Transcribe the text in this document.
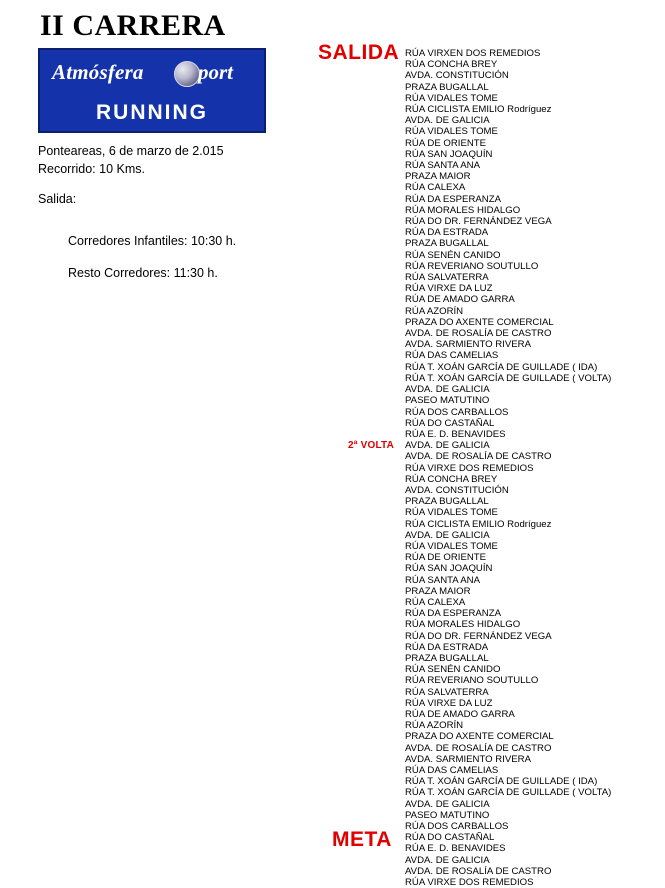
II CARRERA
Atmósfera	port
RUNNING

Ponteareas, 6 de marzo de 2.015

Recorrido: 10 Kms.

Salida:

Corredores Infantiles: 10:30 h.

Resto Corredores: 11:30 h.

SALIDA
2ª VOLTA
META
RÚA VIRXEN DOS REMEDIOS
RÚA CONCHA BREY
AVDA. CONSTITUCIÓN
PRAZA BUGALLAL
RÚA VIDALES TOME
RÚA CICLISTA EMILIO Rodríguez
AVDA. DE GALICIA
RÚA VIDALES TOME
RÚA DE ORIENTE
RÚA SAN JOAQUÍN
RÚA SANTA ANA
PRAZA MAIOR
RÚA CALEXA
RÚA DA ESPERANZA
RÚA MORALES HIDALGO
RÚA DO DR. FERNÁNDEZ VEGA
RÚA DA ESTRADA
PRAZA BUGALLAL
RÚA SENÉN CANIDO
RÚA REVERIANO SOUTULLO
RÚA SALVATERRA
RÚA VIRXE DA LUZ
RÚA DE AMADO GARRA
RÚA AZORÍN
PRAZA DO AXENTE COMERCIAL
AVDA. DE ROSALÍA DE CASTRO
AVDA. SARMIENTO RIVERA
RÚA DAS CAMELIAS
RÚA T. XOÁN GARCÍA DE GUILLADE ( IDA)
RÚA T. XOÁN GARCÍA DE GUILLADE ( VOLTA)
AVDA. DE GALICIA
PASEO MATUTINO
RÚA DOS CARBALLOS
RÚA DO CASTAÑAL
RÚA E. D. BENAVIDES
AVDA. DE GALICIA
AVDA. DE ROSALÍA DE CASTRO
RÚA VIRXE DOS REMEDIOS
RÚA CONCHA BREY
AVDA. CONSTITUCIÓN
PRAZA BUGALLAL
RÚA VIDALES TOME
RÚA CICLISTA EMILIO Rodríguez
AVDA. DE GALICIA
RÚA VIDALES TOME
RÚA DE ORIENTE
RÚA SAN JOAQUÍN
RÚA SANTA ANA
PRAZA MAIOR
RÚA CALEXA
RÚA DA ESPERANZA
RÚA MORALES HIDALGO
RÚA DO DR. FERNÁNDEZ VEGA
RÚA DA ESTRADA
PRAZA BUGALLAL
RÚA SENÉN CANIDO
RÚA REVERIANO SOUTULLO
RÚA SALVATERRA
RÚA VIRXE DA LUZ
RÚA DE AMADO GARRA
RÚA AZORÍN
PRAZA DO AXENTE COMERCIAL
AVDA. DE ROSALÍA DE CASTRO
AVDA. SARMIENTO RIVERA
RÚA DAS CAMELIAS
RÚA T. XOÁN GARCÍA DE GUILLADE ( IDA)
RÚA T. XOÁN GARCÍA DE GUILLADE ( VOLTA)
AVDA. DE GALICIA
PASEO MATUTINO
RÚA DOS CARBALLOS
RÚA DO CASTAÑAL
RÚA E. D. BENAVIDES
AVDA. DE GALICIA
AVDA. DE ROSALÍA DE CASTRO
RÚA VIRXE DOS REMEDIOS
